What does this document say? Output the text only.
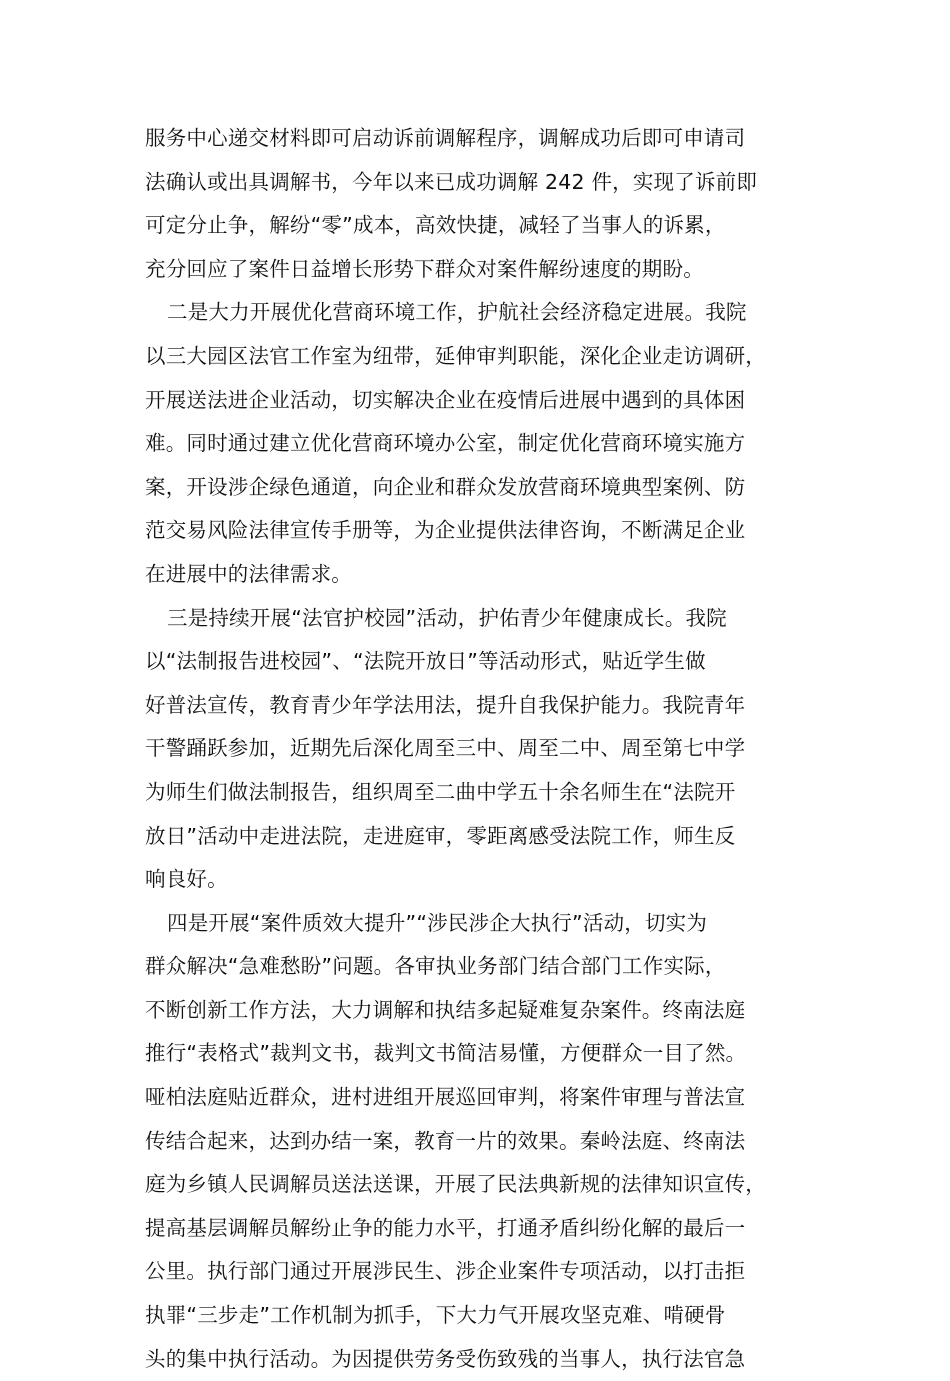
服务中心递交材料即可启动诉前调解程序，调解成功后即可申请司
法确认或出具调解书，今年以来已成功调解 242 件，实现了诉前即
可定分止争，解纷“零”成本，高效快捷，减轻了当事人的诉累，
充分回应了案件日益增长形势下群众对案件解纷速度的期盼。
二是大力开展优化营商环境工作，护航社会经济稳定进展。我院
以三大园区法官工作室为纽带，延伸审判职能，深化企业走访调研，
开展送法进企业活动，切实解决企业在疫情后进展中遇到的具体困
难。同时通过建立优化营商环境办公室，制定优化营商环境实施方
案，开设涉企绿色通道，向企业和群众发放营商环境典型案例、防
范交易风险法律宣传手册等，为企业提供法律咨询，不断满足企业
在进展中的法律需求。
三是持续开展“法官护校园”活动，护佑青少年健康成长。我院
以“法制报告进校园”、“法院开放日”等活动形式，贴近学生做
好普法宣传，教育青少年学法用法，提升自我保护能力。我院青年
干警踊跃参加，近期先后深化周至三中、周至二中、周至第七中学
为师生们做法制报告，组织周至二曲中学五十余名师生在“法院开
放日”活动中走进法院，走进庭审，零距离感受法院工作，师生反
响良好。
四是开展“案件质效大提升”“涉民涉企大执行”活动，切实为
群众解决“急难愁盼”问题。各审执业务部门结合部门工作实际，
不断创新工作方法，大力调解和执结多起疑难复杂案件。终南法庭
推行“表格式”裁判文书，裁判文书简洁易懂，方便群众一目了然。
哑柏法庭贴近群众，进村进组开展巡回审判，将案件审理与普法宣
传结合起来，达到办结一案，教育一片的效果。秦岭法庭、终南法
庭为乡镇人民调解员送法送课，开展了民法典新规的法律知识宣传，
提高基层调解员解纷止争的能力水平，打通矛盾纠纷化解的最后一
公里。执行部门通过开展涉民生、涉企业案件专项活动，以打击拒
执罪“三步走”工作机制为抓手，下大力气开展攻坚克难、啃硬骨
头的集中执行活动。为因提供劳务受伤致残的当事人，执行法官急
